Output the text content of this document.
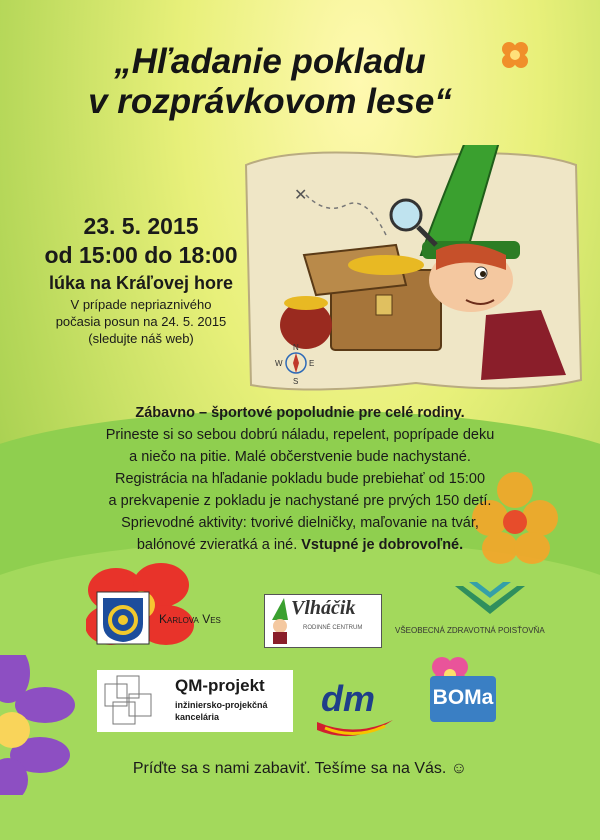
„Hľadanie pokladu
v rozprávkovom lese“
✕
N
S
E
W
23. 5. 2015
od 15:00 do 18:00
lúka na Kráľovej hore
V prípade nepriaznivého
počasia posun na 24. 5. 2015
(sledujte náš web)
Zábavno – športové popoludnie pre celé rodiny.
Prineste si so sebou dobrú náladu, repelent, poprípade deku
a niečo na pitie. Malé občerstvenie bude nachystané.
Registrácia na hľadanie pokladu bude prebiehať od 15:00
a prekvapenie z pokladu je nachystané pre prvých 150 detí.
Sprievodné aktivity: tvorivé dielničky, maľovanie na tvár,
balónové zvieratká a iné. Vstupné je dobrovoľné.
Karlova Ves	Vlháčik
RODINNÉ CENTRUM	VŠEOBECNÁ ZDRAVOTNÁ POISŤOVŇA
QM-projekt
inžiniersko-projekčná
kancelária	dm	BOMa
Príďte sa s nami zabaviť. Tešíme sa na Vás. ☺
